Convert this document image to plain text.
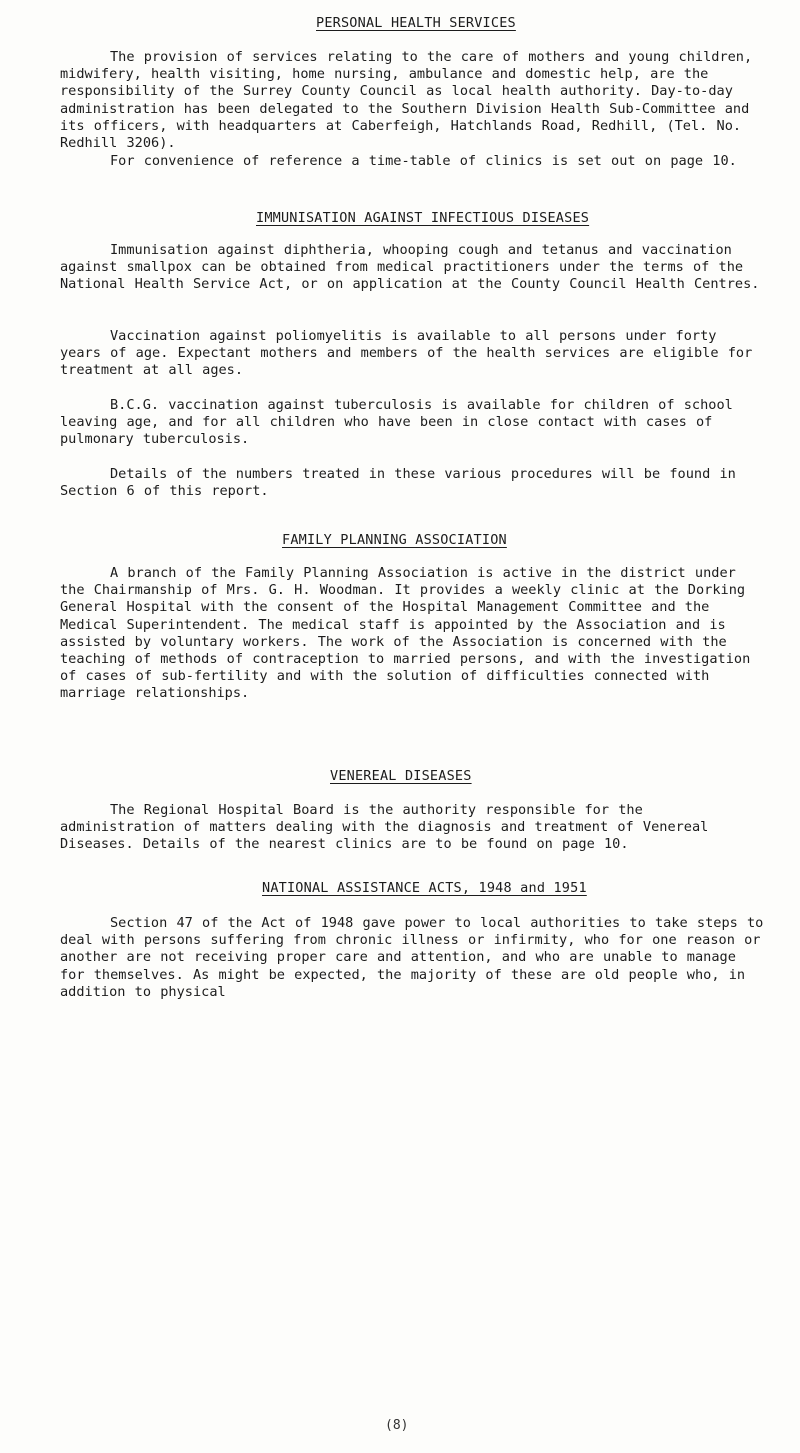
PERSONAL HEALTH SERVICES

The provision of services relating to the care of mothers and young children, midwifery, health visiting, home nursing, ambulance and domestic help, are the responsibility of the Surrey County Council as local health authority. Day-to-day administration has been delegated to the Southern Division Health Sub-Committee and its officers, with headquarters at Caberfeigh, Hatchlands Road, Redhill, (Tel. No. Redhill 3206).

For convenience of reference a time-table of clinics is set out on page 10.

IMMUNISATION AGAINST INFECTIOUS DISEASES

Immunisation against diphtheria, whooping cough and tetanus and vaccination against smallpox can be obtained from medical practitioners under the terms of the National Health Service Act, or on application at the County Council Health Centres.

Vaccination against poliomyelitis is available to all persons under forty years of age. Expectant mothers and members of the health services are eligible for treatment at all ages.

B.C.G. vaccination against tuberculosis is available for children of school leaving age, and for all children who have been in close contact with cases of pulmonary tuberculosis.

Details of the numbers treated in these various procedures will be found in Section 6 of this report.

FAMILY PLANNING ASSOCIATION

A branch of the Family Planning Association is active in the district under the Chairmanship of Mrs. G. H. Woodman. It provides a weekly clinic at the Dorking General Hospital with the consent of the Hospital Management Committee and the Medical Superintendent. The medical staff is appointed by the Association and is assisted by voluntary workers. The work of the Association is concerned with the teaching of methods of contraception to married persons, and with the investigation of cases of sub-fertility and with the solution of difficulties connected with marriage relationships.

VENEREAL DISEASES

The Regional Hospital Board is the authority responsible for the administration of matters dealing with the diagnosis and treatment of Venereal Diseases. Details of the nearest clinics are to be found on page 10.

NATIONAL ASSISTANCE ACTS, 1948 and 1951

Section 47 of the Act of 1948 gave power to local authorities to take steps to deal with persons suffering from chronic illness or infirmity, who for one reason or another are not receiving proper care and attention, and who are unable to manage for themselves. As might be expected, the majority of these are old people who, in addition to physical

(8)
